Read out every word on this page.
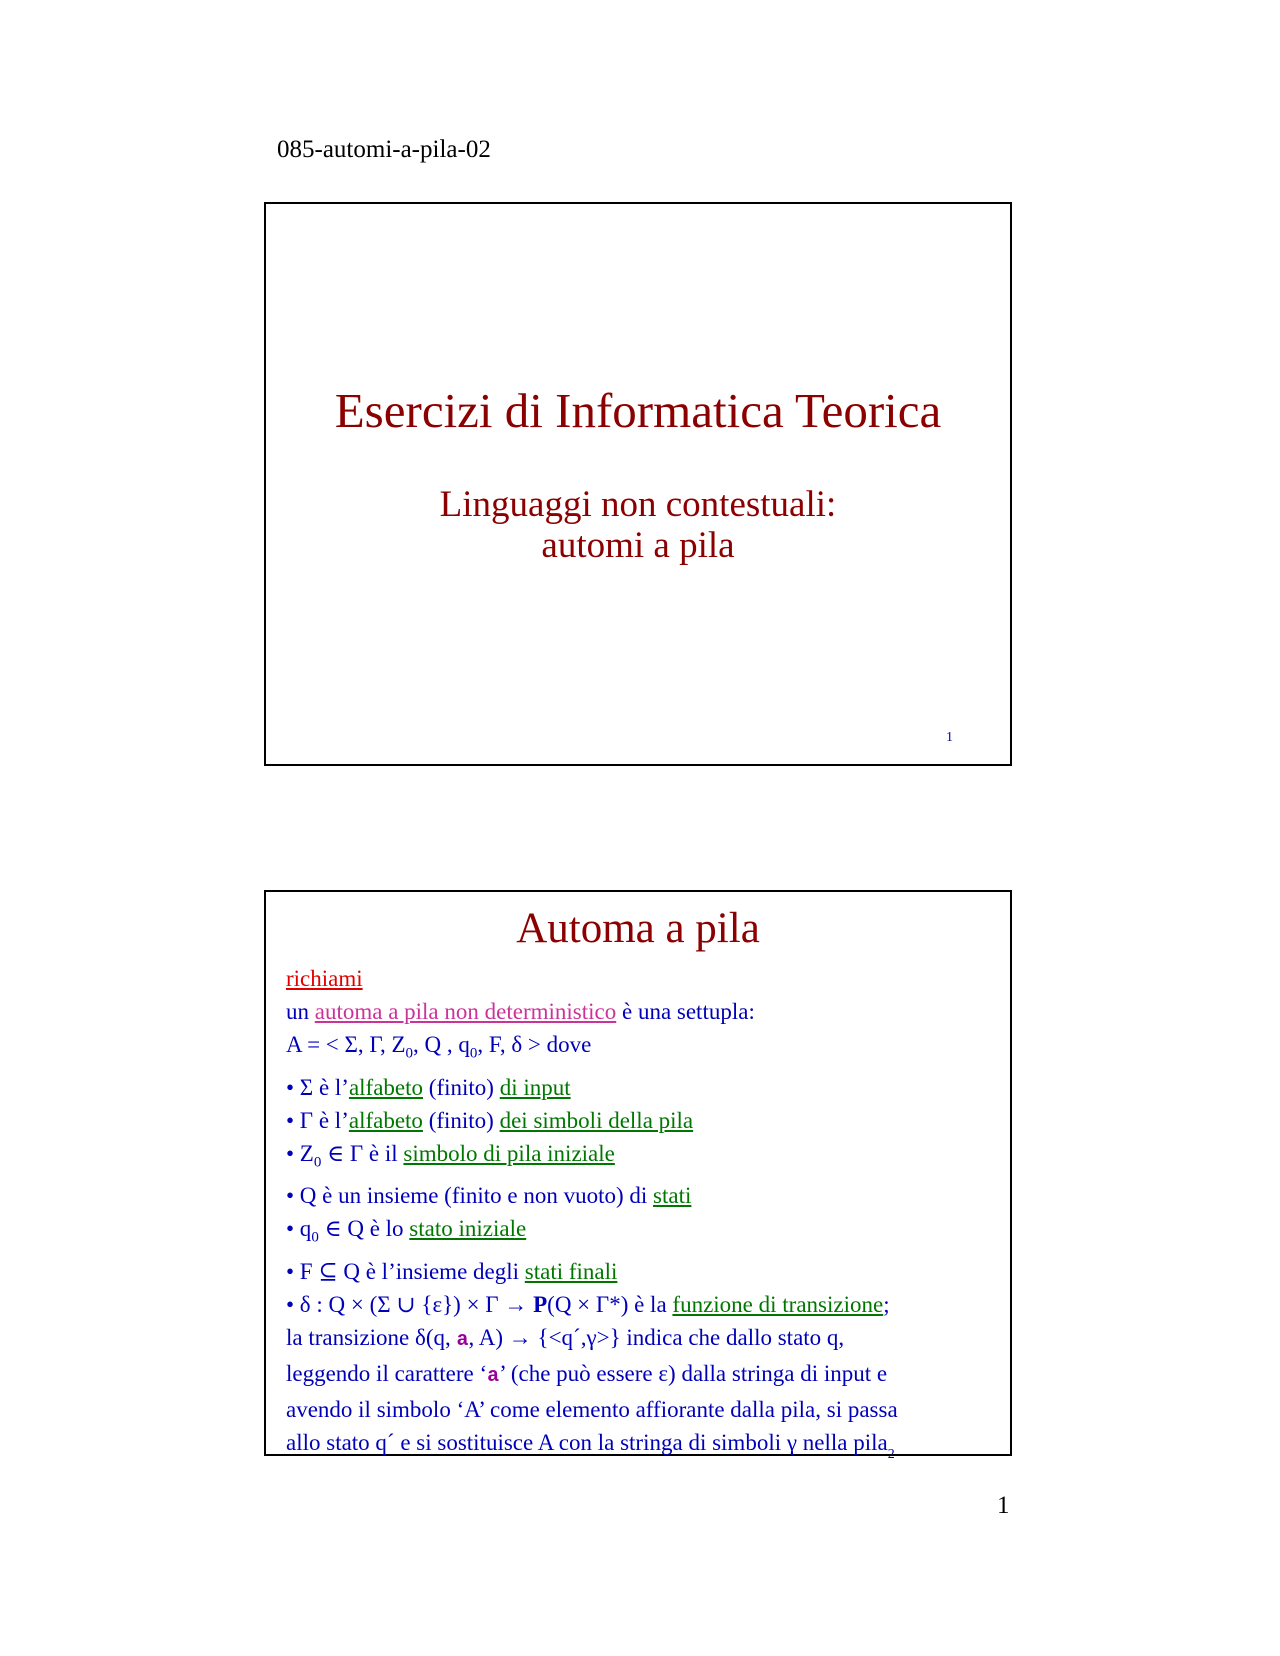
085-automi-a-pila-02
Esercizi di Informatica Teorica
Linguaggi non contestuali:
automi a pila
1
Automa a pila
richiami
un automa a pila non deterministico è una settupla:
A = < Σ, Γ, $Z_0$, Q , $q_0$, F, δ > dove
• Σ è l’alfabeto (finito) di input
• Γ è l’alfabeto (finito) dei simboli della pila
• $Z_0$ ∈ Γ è il simbolo di pila iniziale
• Q è un insieme (finito e non vuoto) di stati
• $q_0$ ∈ Q è lo stato iniziale
• F ⊆ Q è l’insieme degli stati finali
• δ : Q × (Σ ∪ {ε}) × Γ → P(Q × Γ*) è la funzione di transizione;
la transizione δ(q, a, A) → {<q´,γ>} indica che dallo stato q,
leggendo il carattere ‘a’ (che può essere ε) dalla stringa di input e
avendo il simbolo ‘A’ come elemento affiorante dalla pila, si passa
allo stato q´ e si sostituisce A con la stringa di simboli γ nella pila$_2$
1
